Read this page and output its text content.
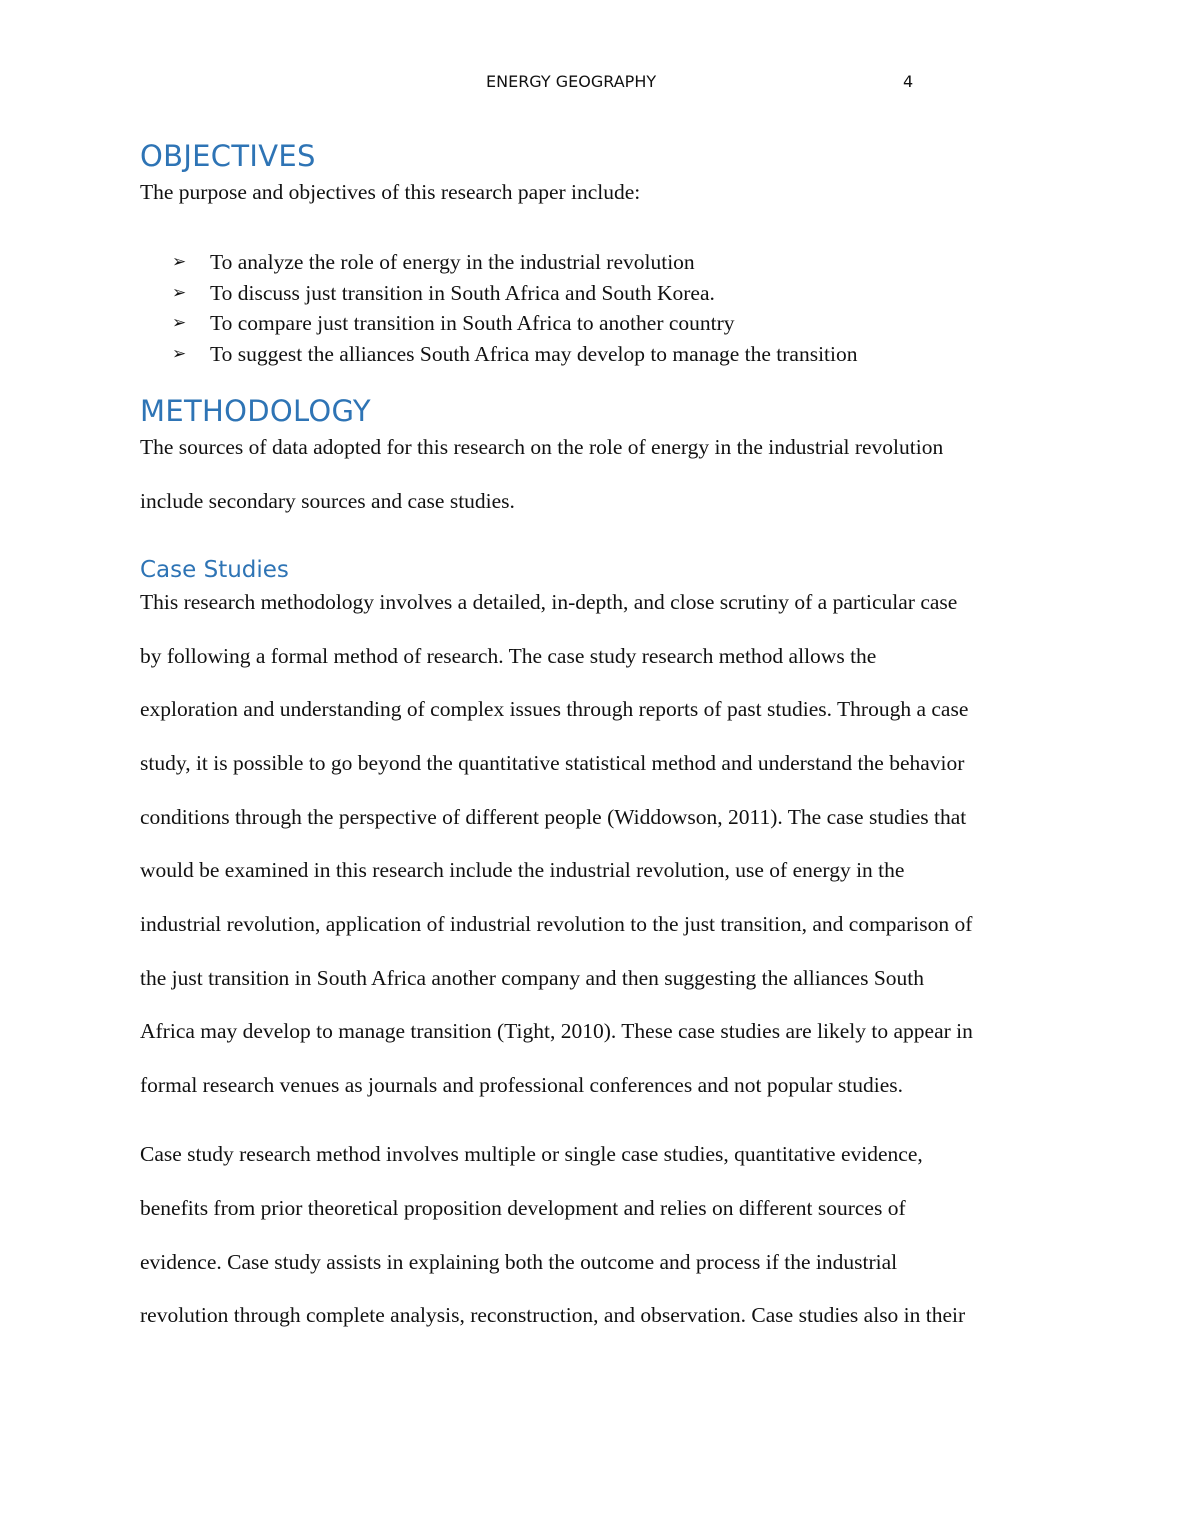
ENERGY GEOGRAPHY	4
OBJECTIVES
The purpose and objectives of this research paper include:
➢ To analyze the role of energy in the industrial revolution
➢ To discuss just transition in South Africa and South Korea.
➢ To compare just transition in South Africa to another country
➢ To suggest the alliances South Africa may develop to manage the transition
METHODOLOGY
The sources of data adopted for this research on the role of energy in the industrial revolution
include secondary sources and case studies.
Case Studies
This research methodology involves a detailed, in-depth, and close scrutiny of a particular case
by following a formal method of research. The case study research method allows the
exploration and understanding of complex issues through reports of past studies. Through a case
study, it is possible to go beyond the quantitative statistical method and understand the behavior
conditions through the perspective of different people (Widdowson, 2011). The case studies that
would be examined in this research include the industrial revolution, use of energy in the
industrial revolution, application of industrial revolution to the just transition, and comparison of
the just transition in South Africa another company and then suggesting the alliances South
Africa may develop to manage transition (Tight, 2010). These case studies are likely to appear in
formal research venues as journals and professional conferences and not popular studies.
Case study research method involves multiple or single case studies, quantitative evidence,
benefits from prior theoretical proposition development and relies on different sources of
evidence. Case study assists in explaining both the outcome and process if the industrial
revolution through complete analysis, reconstruction, and observation. Case studies also in their
